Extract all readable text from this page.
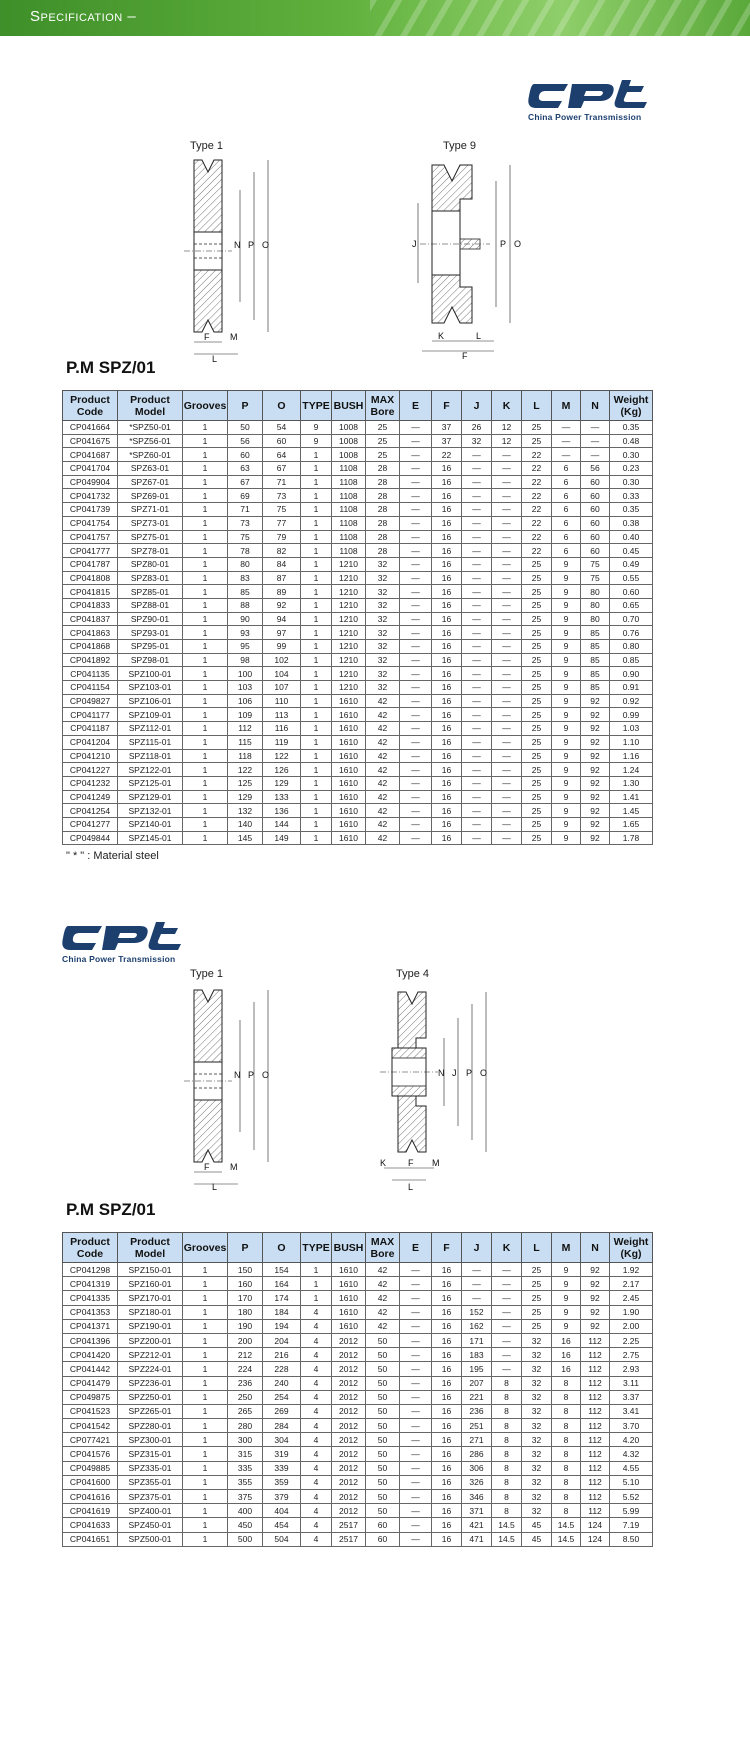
Specification –
China Power Transmission
Type 1	Type 9
N P O
F M
L
J	P O
K	L
F
P.M SPZ/01
Product Code	Product Model	Grooves	P	O	TYPE	BUSH	MAX Bore	E	F	J	K	L	M	N	Weight (Kg)
CP041664	*SPZ50-01	1	50	54	9	1008	25	—	37	26	12	25	—	—	0.35
CP041675	*SPZ56-01	1	56	60	9	1008	25	—	37	32	12	25	—	—	0.48
CP041687	*SPZ60-01	1	60	64	1	1008	25	—	22	—	—	22	—	—	0.30
CP041704	SPZ63-01	1	63	67	1	1108	28	—	16	—	—	22	6	56	0.23
CP049904	SPZ67-01	1	67	71	1	1108	28	—	16	—	—	22	6	60	0.30
CP041732	SPZ69-01	1	69	73	1	1108	28	—	16	—	—	22	6	60	0.33
CP041739	SPZ71-01	1	71	75	1	1108	28	—	16	—	—	22	6	60	0.35
CP041754	SPZ73-01	1	73	77	1	1108	28	—	16	—	—	22	6	60	0.38
CP041757	SPZ75-01	1	75	79	1	1108	28	—	16	—	—	22	6	60	0.40
CP041777	SPZ78-01	1	78	82	1	1108	28	—	16	—	—	22	6	60	0.45
CP041787	SPZ80-01	1	80	84	1	1210	32	—	16	—	—	25	9	75	0.49
CP041808	SPZ83-01	1	83	87	1	1210	32	—	16	—	—	25	9	75	0.55
CP041815	SPZ85-01	1	85	89	1	1210	32	—	16	—	—	25	9	80	0.60
CP041833	SPZ88-01	1	88	92	1	1210	32	—	16	—	—	25	9	80	0.65
CP041837	SPZ90-01	1	90	94	1	1210	32	—	16	—	—	25	9	80	0.70
CP041863	SPZ93-01	1	93	97	1	1210	32	—	16	—	—	25	9	85	0.76
CP041868	SPZ95-01	1	95	99	1	1210	32	—	16	—	—	25	9	85	0.80
CP041892	SPZ98-01	1	98	102	1	1210	32	—	16	—	—	25	9	85	0.85
CP041135	SPZ100-01	1	100	104	1	1210	32	—	16	—	—	25	9	85	0.90
CP041154	SPZ103-01	1	103	107	1	1210	32	—	16	—	—	25	9	85	0.91
CP049827	SPZ106-01	1	106	110	1	1610	42	—	16	—	—	25	9	92	0.92
CP041177	SPZ109-01	1	109	113	1	1610	42	—	16	—	—	25	9	92	0.99
CP041187	SPZ112-01	1	112	116	1	1610	42	—	16	—	—	25	9	92	1.03
CP041204	SPZ115-01	1	115	119	1	1610	42	—	16	—	—	25	9	92	1.10
CP041210	SPZ118-01	1	118	122	1	1610	42	—	16	—	—	25	9	92	1.16
CP041227	SPZ122-01	1	122	126	1	1610	42	—	16	—	—	25	9	92	1.24
CP041232	SPZ125-01	1	125	129	1	1610	42	—	16	—	—	25	9	92	1.30
CP041249	SPZ129-01	1	129	133	1	1610	42	—	16	—	—	25	9	92	1.41
CP041254	SPZ132-01	1	132	136	1	1610	42	—	16	—	—	25	9	92	1.45
CP041277	SPZ140-01	1	140	144	1	1610	42	—	16	—	—	25	9	92	1.65
CP049844	SPZ145-01	1	145	149	1	1610	42	—	16	—	—	25	9	92	1.78
" * " : Material steel
China Power Transmission
Type 1	Type 4
N P O
F M
L
N J P O
K F M
L
P.M SPZ/01
Product Code	Product Model	Grooves	P	O	TYPE	BUSH	MAX Bore	E	F	J	K	L	M	N	Weight (Kg)
CP041298	SPZ150-01	1	150	154	1	1610	42	—	16	—	—	25	9	92	1.92
CP041319	SPZ160-01	1	160	164	1	1610	42	—	16	—	—	25	9	92	2.17
CP041335	SPZ170-01	1	170	174	1	1610	42	—	16	—	—	25	9	92	2.45
CP041353	SPZ180-01	1	180	184	4	1610	42	—	16	152	—	25	9	92	1.90
CP041371	SPZ190-01	1	190	194	4	1610	42	—	16	162	—	25	9	92	2.00
CP041396	SPZ200-01	1	200	204	4	2012	50	—	16	171	—	32	16	112	2.25
CP041420	SPZ212-01	1	212	216	4	2012	50	—	16	183	—	32	16	112	2.75
CP041442	SPZ224-01	1	224	228	4	2012	50	—	16	195	—	32	16	112	2.93
CP041479	SPZ236-01	1	236	240	4	2012	50	—	16	207	8	32	8	112	3.11
CP049875	SPZ250-01	1	250	254	4	2012	50	—	16	221	8	32	8	112	3.37
CP041523	SPZ265-01	1	265	269	4	2012	50	—	16	236	8	32	8	112	3.41
CP041542	SPZ280-01	1	280	284	4	2012	50	—	16	251	8	32	8	112	3.70
CP077421	SPZ300-01	1	300	304	4	2012	50	—	16	271	8	32	8	112	4.20
CP041576	SPZ315-01	1	315	319	4	2012	50	—	16	286	8	32	8	112	4.32
CP049885	SPZ335-01	1	335	339	4	2012	50	—	16	306	8	32	8	112	4.55
CP041600	SPZ355-01	1	355	359	4	2012	50	—	16	326	8	32	8	112	5.10
CP041616	SPZ375-01	1	375	379	4	2012	50	—	16	346	8	32	8	112	5.52
CP041619	SPZ400-01	1	400	404	4	2012	50	—	16	371	8	32	8	112	5.99
CP041633	SPZ450-01	1	450	454	4	2517	60	—	16	421	14.5	45	14.5	124	7.19
CP041651	SPZ500-01	1	500	504	4	2517	60	—	16	471	14.5	45	14.5	124	8.50
